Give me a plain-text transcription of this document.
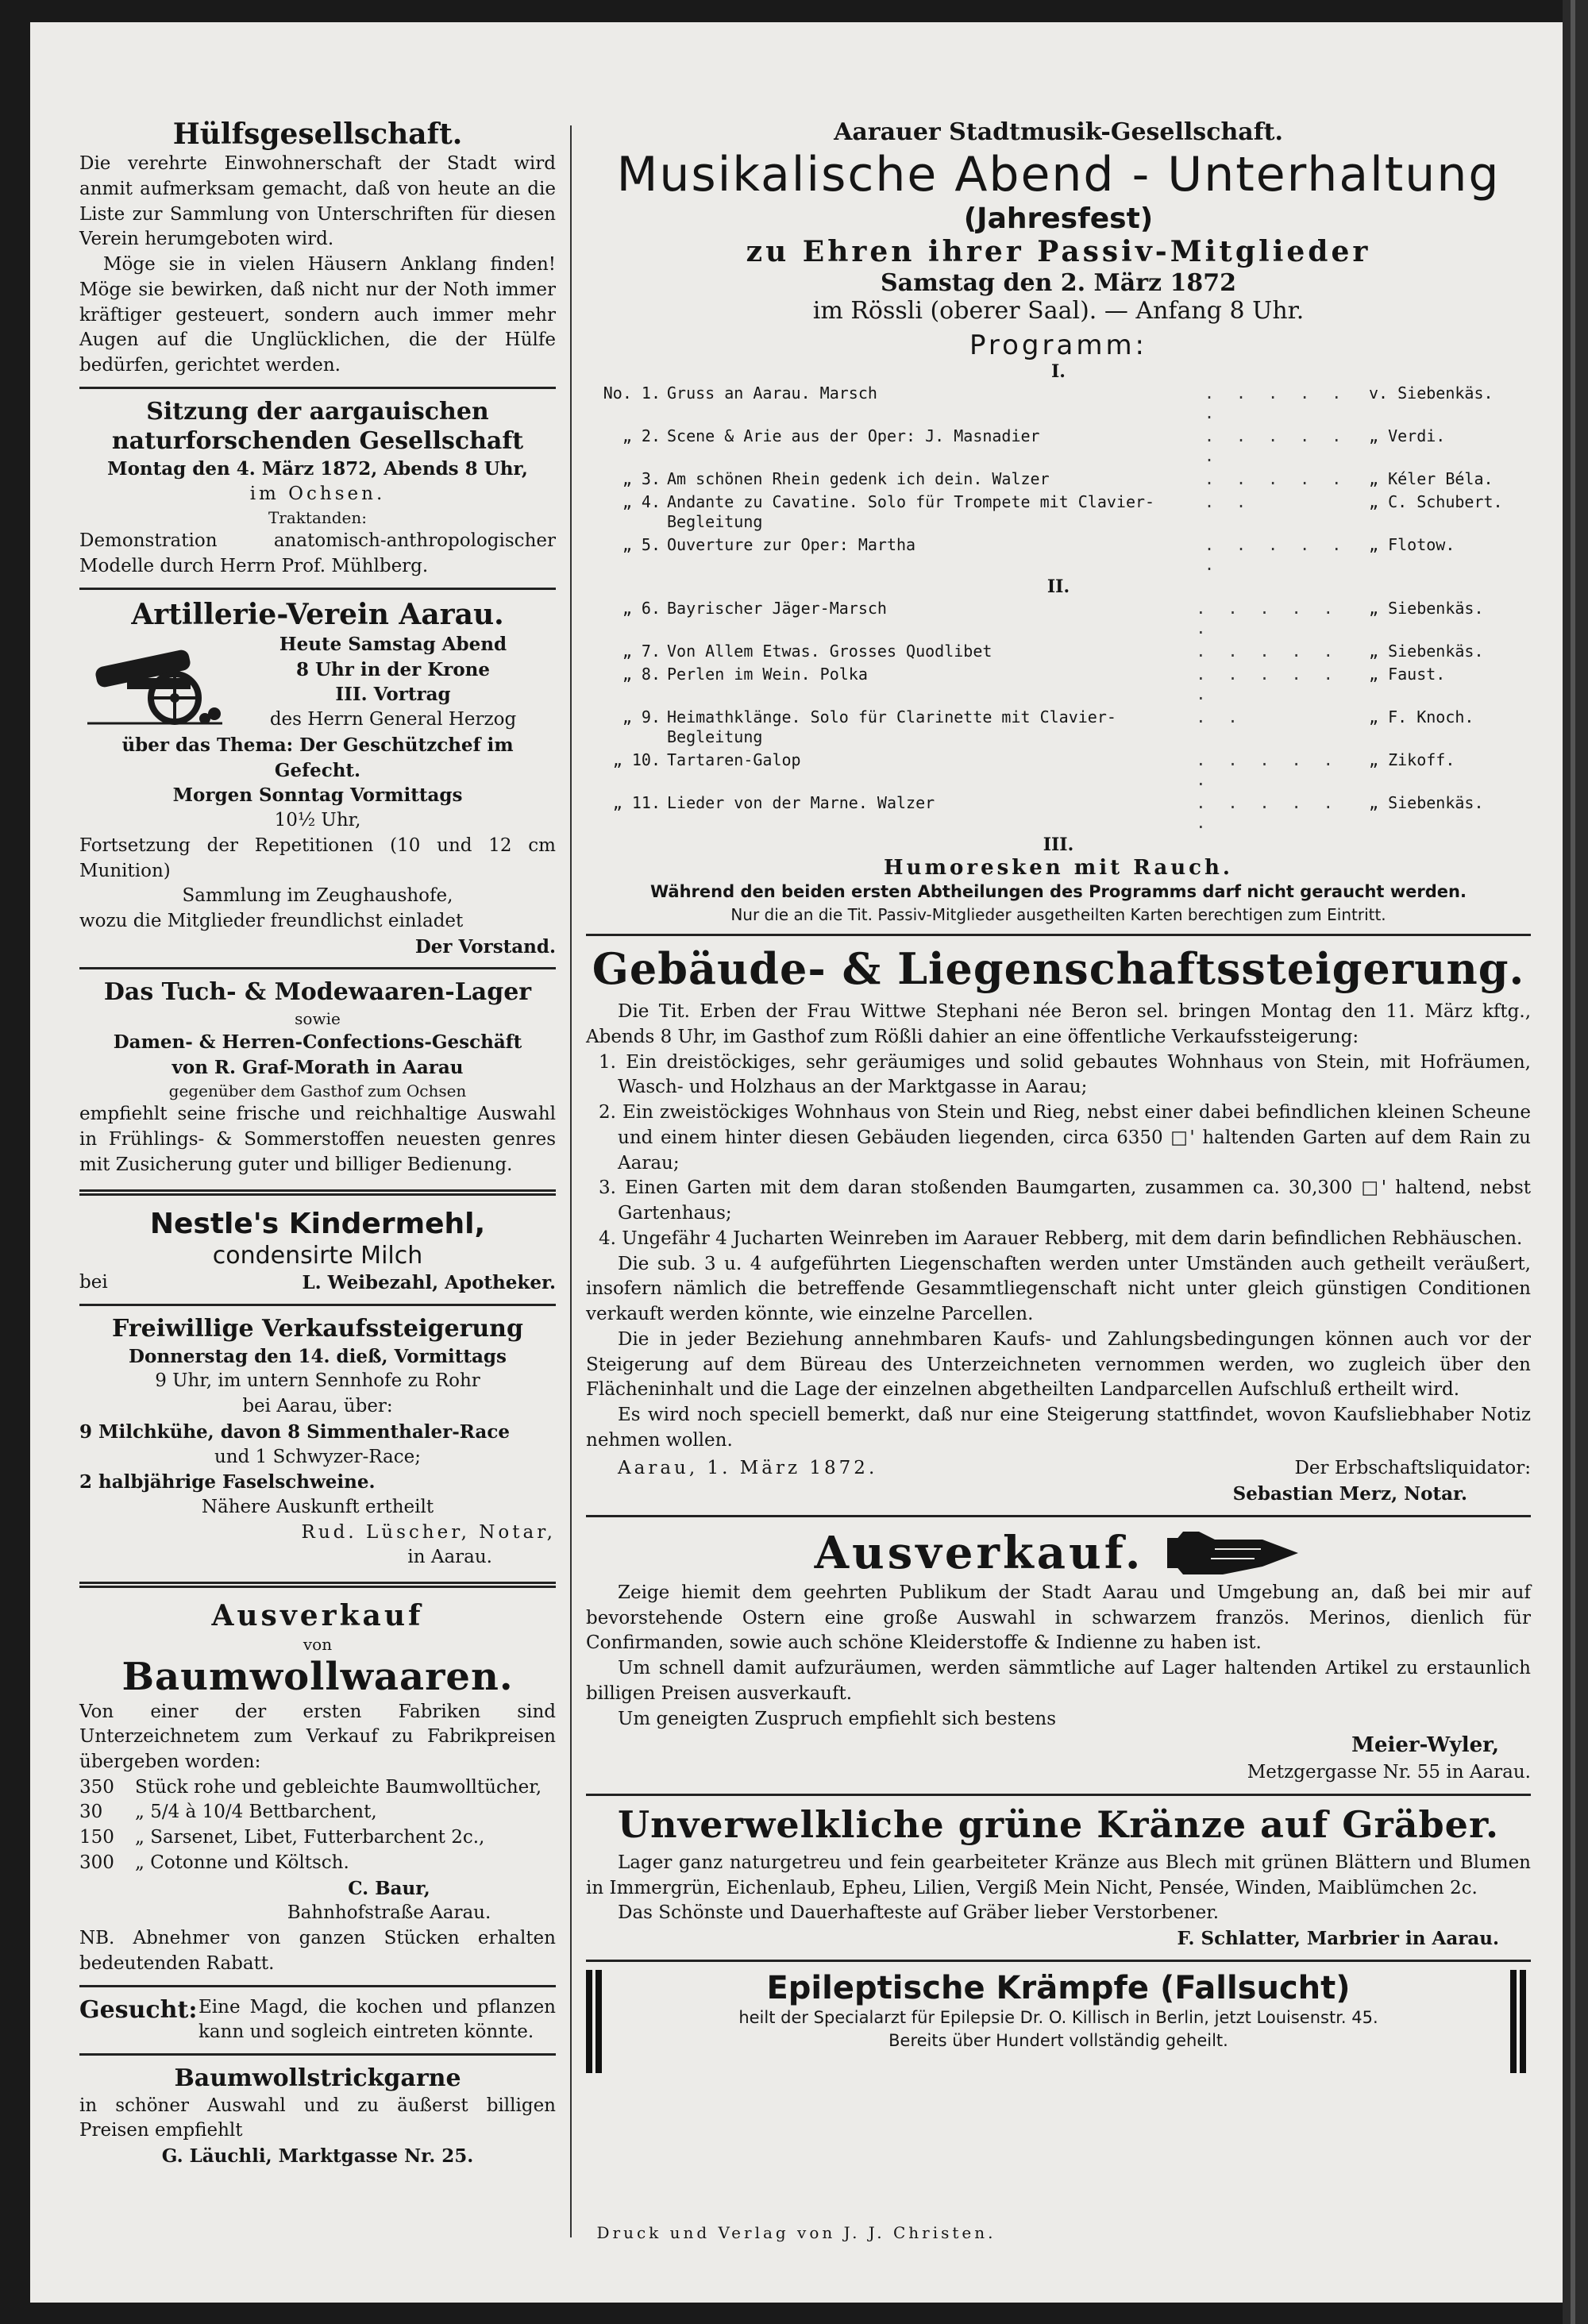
Hülfsgesellschaft.

Die verehrte Einwohnerschaft der Stadt wird anmit aufmerksam gemacht, daß von heute an die Liste zur Sammlung von Unterschriften für diesen Verein herumgeboten wird.

Möge sie in vielen Häusern Anklang finden! Möge sie bewirken, daß nicht nur der Noth immer kräftiger gesteuert, sondern auch immer mehr Augen auf die Unglücklichen, die der Hülfe bedürfen, gerichtet werden.

Sitzung der aargauischen naturforschenden Gesellschaft

Montag den 4. März 1872, Abends 8 Uhr,

im Ochsen.

Traktanden:

Demonstration anatomisch-anthropologischer Modelle durch Herrn Prof. Mühlberg.

Artillerie-Verein Aarau.

Heute Samstag Abend

8 Uhr in der Krone

III. Vortrag

des Herrn General Herzog

über das Thema: Der Geschützchef im Gefecht.

Morgen Sonntag Vormittags

10½ Uhr,

Fortsetzung der Repetitionen (10 und 12 cm Munition)

Sammlung im Zeughaushofe,

wozu die Mitglieder freundlichst einladet

Der Vorstand.

Das Tuch- & Modewaaren-Lager

sowie

Damen- & Herren-Confections-Geschäft

von R. Graf-Morath in Aarau

gegenüber dem Gasthof zum Ochsen

empfiehlt seine frische und reichhaltige Auswahl in Frühlings- & Sommerstoffen neuesten genres mit Zusicherung guter und billiger Bedienung.

Nestle's Kindermehl,
condensirte Milch

bei	L. Weibezahl, Apotheker.

Freiwillige Verkaufssteigerung

Donnerstag den 14. dieß, Vormittags

9 Uhr, im untern Sennhofe zu Rohr

bei Aarau, über:

9 Milchkühe, davon 8 Simmenthaler-Race

und 1 Schwyzer-Race;

2 halbjährige Faselschweine.

Nähere Auskunft ertheilt

Rud. Lüscher, Notar,

in Aarau.

Ausverkauf

von

Baumwollwaaren.

Von einer der ersten Fabriken sind Unterzeichnetem zum Verkauf zu Fabrikpreisen übergeben worden:

350	Stück rohe und gebleichte Baumwolltücher,
30	„ 5/4 à 10/4 Bettbarchent,
150	„ Sarsenet, Libet, Futterbarchent 2c.,
300	„ Cotonne und Költsch.

C. Baur,

Bahnhofstraße Aarau.

NB. Abnehmer von ganzen Stücken erhalten bedeutenden Rabatt.

Gesucht: Eine Magd, die kochen und pflanzen kann und sogleich eintreten könnte.

Baumwollstrickgarne

in schöner Auswahl und zu äußerst billigen Preisen empfiehlt

G. Läuchli, Marktgasse Nr. 25.

Aarauer Stadtmusik-Gesellschaft.
Musikalische Abend - Unterhaltung
(Jahresfest)
zu Ehren ihrer Passiv-Mitglieder
Samstag den 2. März 1872
im Rössli (oberer Saal). — Anfang 8 Uhr.
Programm:
I.
No. 1.	Gruss an Aarau. Marsch	. . . . . .	v. Siebenkäs.
„ 2.	Scene & Arie aus der Oper: J. Masnadier	. . . . . .	„ Verdi.
„ 3.	Am schönen Rhein gedenk ich dein. Walzer	. . . . .	„ Kéler Béla.
„ 4.	Andante zu Cavatine. Solo für Trompete mit Clavier-Begleitung	. .	„ C. Schubert.
„ 5.	Ouverture zur Oper: Martha	. . . . . .	„ Flotow.
II.
„ 6.	Bayrischer Jäger-Marsch	. . . . . .	„ Siebenkäs.
„ 7.	Von Allem Etwas. Grosses Quodlibet	. . . . .	„ Siebenkäs.
„ 8.	Perlen im Wein. Polka	. . . . . .	„ Faust.
„ 9.	Heimathklänge. Solo für Clarinette mit Clavier-Begleitung	. .	„ F. Knoch.
„ 10.	Tartaren-Galop	. . . . . .	„ Zikoff.
„ 11.	Lieder von der Marne. Walzer	. . . . . .	„ Siebenkäs.
III.
Humoresken mit Rauch.

Während den beiden ersten Abtheilungen des Programms darf nicht geraucht werden.

Nur die an die Tit. Passiv-Mitglieder ausgetheilten Karten berechtigen zum Eintritt.

Gebäude- & Liegenschaftssteigerung.

Die Tit. Erben der Frau Wittwe Stephani née Beron sel. bringen Montag den 11. März kftg., Abends 8 Uhr, im Gasthof zum Rößli dahier an eine öffentliche Verkaufssteigerung:

1. Ein dreistöckiges, sehr geräumiges und solid gebautes Wohnhaus von Stein, mit Hofräumen, Wasch- und Holzhaus an der Marktgasse in Aarau;

2. Ein zweistöckiges Wohnhaus von Stein und Rieg, nebst einer dabei befindlichen kleinen Scheune und einem hinter diesen Gebäuden liegenden, circa 6350 □' haltenden Garten auf dem Rain zu Aarau;

3. Einen Garten mit dem daran stoßenden Baumgarten, zusammen ca. 30,300 □' haltend, nebst Gartenhaus;

4. Ungefähr 4 Jucharten Weinreben im Aarauer Rebberg, mit dem darin befindlichen Rebhäuschen.

Die sub. 3 u. 4 aufgeführten Liegenschaften werden unter Umständen auch getheilt veräußert, insofern nämlich die betreffende Gesammtliegenschaft nicht unter gleich günstigen Conditionen verkauft werden könnte, wie einzelne Parcellen.

Die in jeder Beziehung annehmbaren Kaufs- und Zahlungsbedingungen können auch vor der Steigerung auf dem Büreau des Unterzeichneten vernommen werden, wo zugleich über den Flächeninhalt und die Lage der einzelnen abgetheilten Landparcellen Aufschluß ertheilt wird.

Es wird noch speciell bemerkt, daß nur eine Steigerung stattfindet, wovon Kaufsliebhaber Notiz nehmen wollen.

Aarau, 1. März 1872.	Der Erbschaftsliquidator:

Sebastian Merz, Notar.

Ausverkauf.

Zeige hiemit dem geehrten Publikum der Stadt Aarau und Umgebung an, daß bei mir auf bevorstehende Ostern eine große Auswahl in schwarzem französ. Merinos, dienlich für Confirmanden, sowie auch schöne Kleiderstoffe & Indienne zu haben ist.

Um schnell damit aufzuräumen, werden sämmtliche auf Lager haltenden Artikel zu erstaunlich billigen Preisen ausverkauft.

Um geneigten Zuspruch empfiehlt sich bestens

Meier-Wyler,

Metzgergasse Nr. 55 in Aarau.

Unverwelkliche grüne Kränze auf Gräber.

Lager ganz naturgetreu und fein gearbeiteter Kränze aus Blech mit grünen Blättern und Blumen in Immergrün, Eichenlaub, Epheu, Lilien, Vergiß Mein Nicht, Pensée, Winden, Maiblümchen 2c.

Das Schönste und Dauerhafteste auf Gräber lieber Verstorbener.

F. Schlatter, Marbrier in Aarau.

Epileptische Krämpfe (Fallsucht)

heilt der Specialarzt für Epilepsie Dr. O. Killisch in Berlin, jetzt Louisenstr. 45.

Bereits über Hundert vollständig geheilt.

Druck und Verlag von J. J. Christen.
